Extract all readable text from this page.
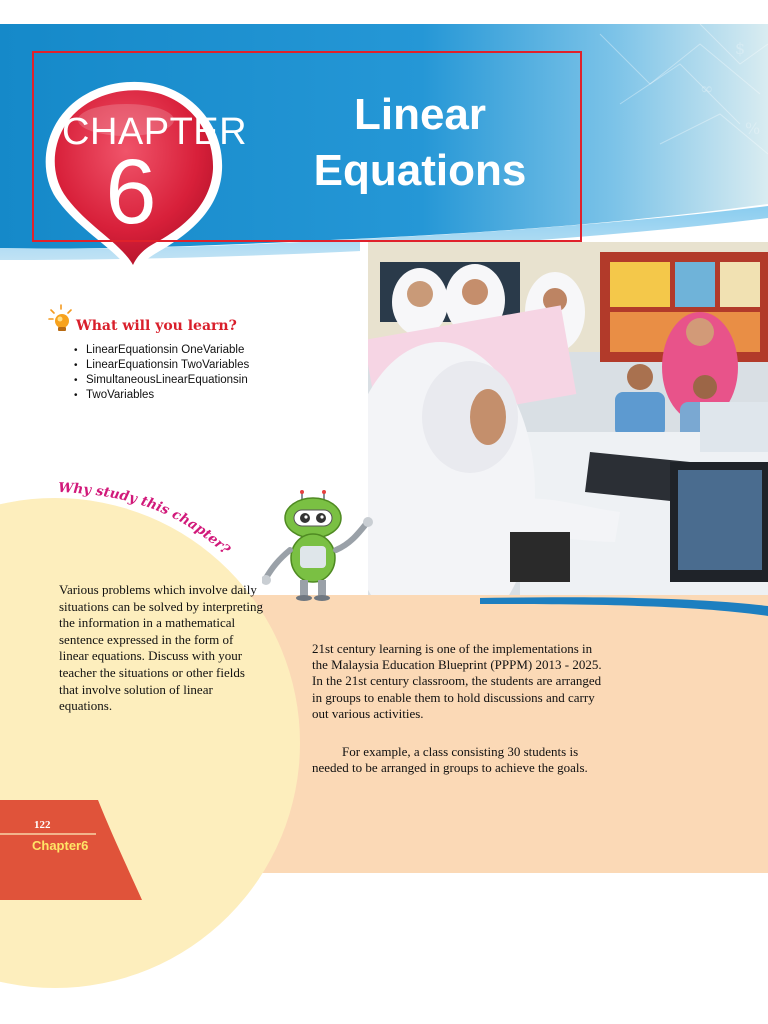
$
∞
%
CHAPTER
6
Linear
Equations
What will you learn?
• LinearEquationsin OneVariable
• LinearEquationsin TwoVariables
• SimultaneousLinearEquationsin
• TwoVariables
Why study this chapter?
Various problems which involve daily situations can be solved by interpreting the information in a mathematical sentence expressed in the form of linear equations. Discuss with your teacher the situations or other fields that involve solution of linear equations.
21st century learning is one of the implementations in the Malaysia Education Blueprint (PPPM) 2013 - 2025. In the 21st century classroom, the students are arranged in groups to enable them to hold discussions and carry out various activities.
For example, a class consisting 30 students is needed to be arranged in groups to achieve the goals.
122
Chapter6
